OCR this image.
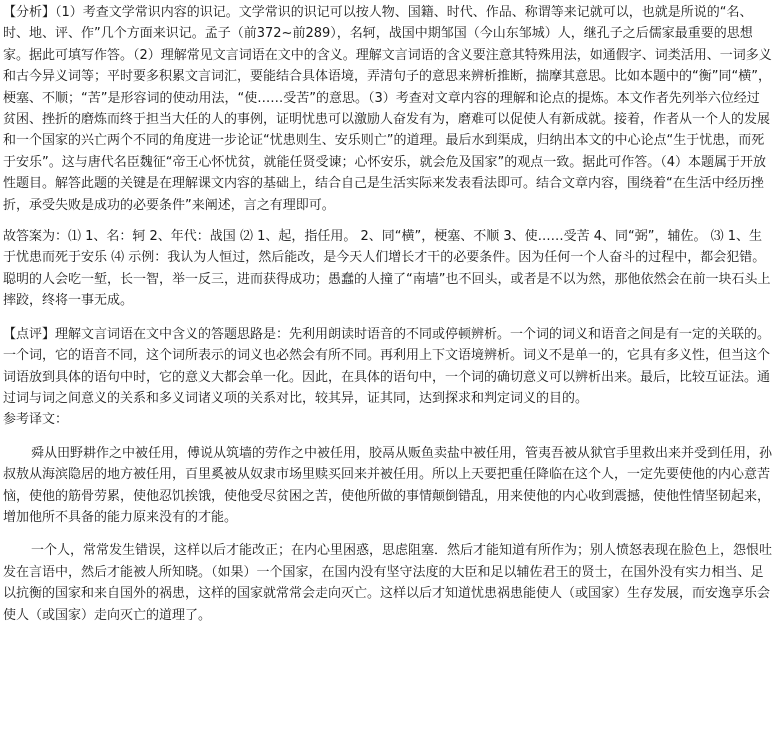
【分析】（1）考查文学常识内容的识记。文学常识的识记可以按人物、国籍、时代、作品、称谓等来记就可以，也就是所说的“名、时、地、评、作”几个方面来识记。孟子（前372~前289），名轲，战国中期邹国（今山东邹城）人，继孔子之后儒家最重要的思想家。据此可填写作答。（2）理解常见文言词语在文中的含义。理解文言词语的含义要注意其特殊用法，如通假字、词类活用、一词多义和古今异义词等；平时要多积累文言词汇，要能结合具体语境，弄清句子的意思来辨析推断，揣摩其意思。比如本题中的“衡”同“横”，梗塞、不顺；“苦”是形容词的使动用法，“使……受苦”的意思。（3）考查对文章内容的理解和论点的提炼。本文作者先列举六位经过贫困、挫折的磨炼而终于担当大任的人的事例，证明忧患可以激励人奋发有为，磨难可以促使人有新成就。接着，作者从一个人的发展和一个国家的兴亡两个不同的角度进一步论证“忧患则生、安乐则亡”的道理。最后水到渠成，归纳出本文的中心论点“生于忧患，而死于安乐”。这与唐代名臣魏征“帝王心怀忧贫，就能任贤受谏；心怀安乐，就会危及国家”的观点一致。据此可作答。（4）本题属于开放性题目。解答此题的关键是在理解课文内容的基础上，结合自己是生活实际来发表看法即可。结合文章内容，围绕着“在生活中经历挫折，承受失败是成功的必要条件”来阐述，言之有理即可。

故答案为：⑴ 1、名：轲 2、年代：战国 ⑵ 1、起，指任用。 2、同“横”，梗塞、不顺 3、使……受苦 4、同“弼”，辅佐。 ⑶ 1、生于忧患而死于安乐 ⑷ 示例：我认为人恒过，然后能改，是今天人们增长才干的必要条件。因为任何一个人奋斗的过程中，都会犯错。聪明的人会吃一堑，长一智，举一反三，进而获得成功；愚蠢的人撞了“南墙”也不回头，或者是不以为然，那他依然会在前一块石头上摔跤，终将一事无成。

【点评】理解文言词语在文中含义的答题思路是：先利用朗读时语音的不同或停顿辨析。一个词的词义和语音之间是有一定的关联的。一个词，它的语音不同，这个词所表示的词义也必然会有所不同。再利用上下文语境辨析。词义不是单一的，它具有多义性，但当这个词语放到具体的语句中时，它的意义大都会单一化。因此，在具体的语句中，一个词的确切意义可以辨析出来。最后，比较互证法。通过词与词之间意义的关系和多义词诸义项的关系对比，较其异，证其同，达到探求和判定词义的目的。

参考译文：

舜从田野耕作之中被任用，傅说从筑墙的劳作之中被任用，胶鬲从贩鱼卖盐中被任用，管夷吾被从狱官手里救出来并受到任用，孙叔敖从海滨隐居的地方被任用，百里奚被从奴隶市场里赎买回来并被任用。所以上天要把重任降临在这个人，一定先要使他的内心意苦恼，使他的筋骨劳累，使他忍饥挨饿，使他受尽贫困之苦，使他所做的事情颠倒错乱，用来使他的内心收到震撼，使他性情坚韧起来，增加他所不具备的能力原来没有的才能。

一个人，常常发生错误，这样以后才能改正；在内心里困惑，思虑阻塞．然后才能知道有所作为；别人愤怒表现在脸色上，怨恨吐发在言语中，然后才能被人所知晓。（如果）一个国家，在国内没有坚守法度的大臣和足以辅佐君王的贤士，在国外没有实力相当、足以抗衡的国家和来自国外的祸患，这样的国家就常常会走向灭亡。这样以后才知道忧患祸患能使人（或国家）生存发展，而安逸享乐会使人（或国家）走向灭亡的道理了。
